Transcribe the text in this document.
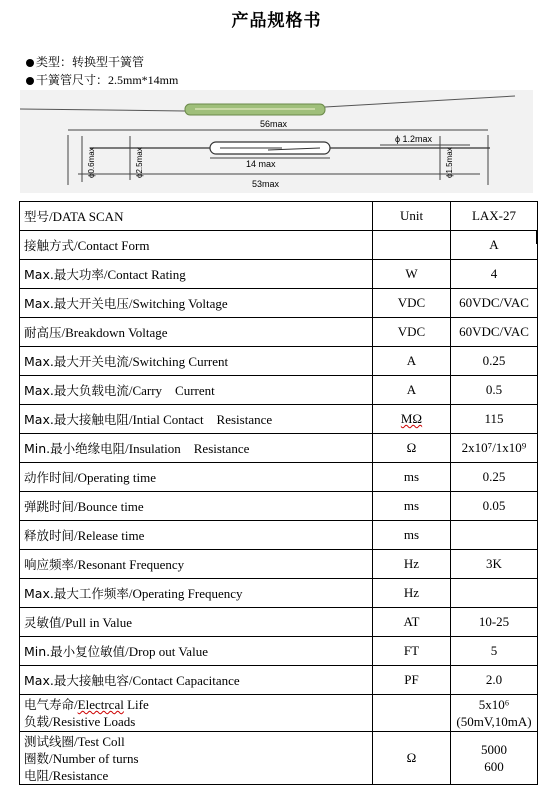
产品规格书
类型：转换型干簧管
干簧管尺寸：2.5mm*14mm
56max
ϕ 1.2max
14 max
53max
ϕ0.6max	ϕ2.5max	ϕ1.5max
型号/DATA SCAN	Unit	LAX-27
接触方式/Contact Form		A
Max.最大功率/Contact Rating	W	4
Max.最大开关电压/Switching Voltage	VDC	60VDC/VAC
耐高压/Breakdown Voltage	VDC	60VDC/VAC
Max.最大开关电流/Switching Current	A	0.25
Max.最大负载电流/Carry    Current	A	0.5
Max.最大接触电阻/Intial Contact    Resistance	MΩ	115
Min.最小绝缘电阻/Insulation    Resistance	Ω	2x10⁷/1x10⁹
动作时间/Operating time	ms	0.25
弹跳时间/Bounce time	ms	0.05
释放时间/Release time	ms	
响应频率/Resonant Frequency	Hz	3K
Max.最大工作频率/Operating Frequency	Hz	
灵敏值/Pull in Value	AT	10-25
Min.最小复位敏值/Drop out Value	FT	5
Max.最大接触电容/Contact Capacitance	PF	2.0
电气寿命/Electrcal Life
负载/Resistive Loads		5x10⁶
(50mV,10mA)
测试线圈/Test Coll
圈数/Number of turns
电阻/Resistance	Ω	5000
600
